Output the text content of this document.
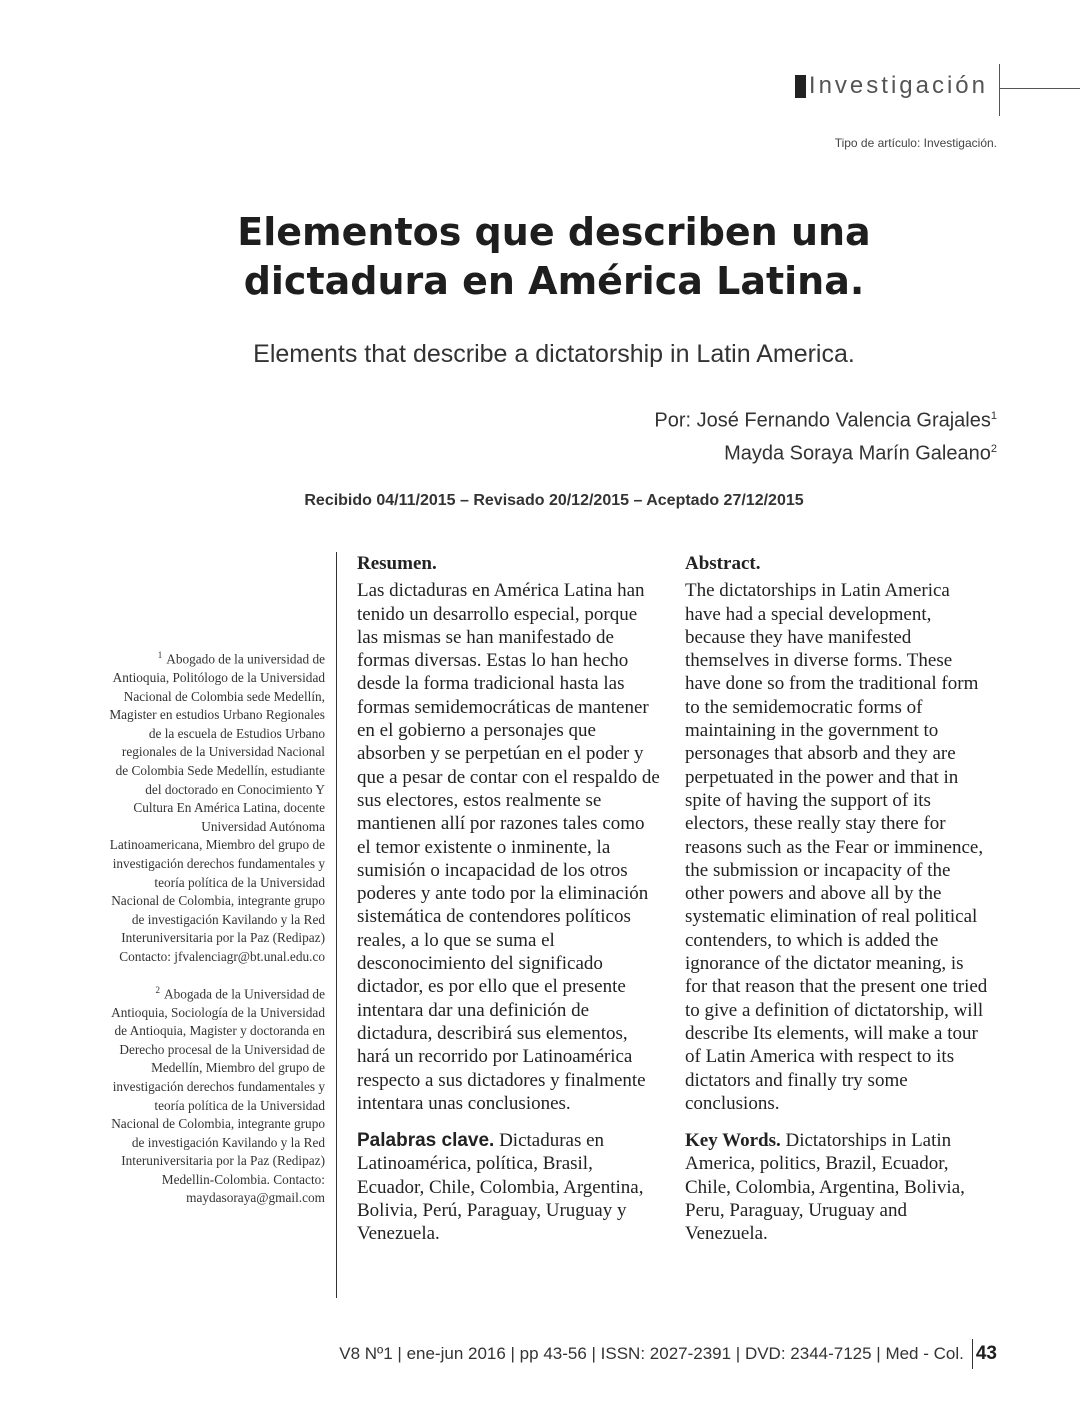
Investigación
Tipo de artículo: Investigación.
Elementos que describen una
dictadura en América Latina.
Elements that describe a dictatorship in Latin America.
Por: José Fernando Valencia Grajales$^1$
Mayda Soraya Marín Galeano$^2$
Recibido 04/11/2015 – Revisado 20/12/2015 – Aceptado 27/12/2015

$^1$ Abogado de la universidad de Antioquia, Politólogo de la Universidad Nacional de Colombia sede Medellín, Magister en estudios Urbano Regionales de la escuela de Estudios Urbano regionales de la Universidad Nacional de Colombia Sede Medellín, estudiante del doctorado en Conocimiento Y Cultura En América Latina, docente Universidad Autónoma Latinoamericana, Miembro del grupo de investigación derechos fundamentales y teoría política de la Universidad Nacional de Colombia, integrante grupo de investigación Kavilando y la Red Interuniversitaria por la Paz (Redipaz) Contacto: jfvalenciagr@bt.unal.edu.co

$^2$ Abogada de la Universidad de Antioquia, Sociología de la Universidad de Antioquia, Magister y doctoranda en Derecho procesal de la Universidad de Medellín, Miembro del grupo de investigación derechos fundamentales y teoría política de la Universidad Nacional de Colombia, integrante grupo de investigación Kavilando y la Red Interuniversitaria por la Paz (Redipaz) Medellin-Colombia. Contacto: maydasoraya@gmail.com

Resumen.

Las dictaduras en América Latina han tenido un desarrollo especial, porque las mismas se han manifestado de formas diversas. Estas lo han hecho desde la forma tradicional hasta las formas semidemocráticas de mantener en el gobierno a personajes que absorben y se perpetúan en el poder y que a pesar de contar con el respaldo de sus electores, estos realmente se mantienen allí por razones tales como el temor existente o inminente, la sumisión o incapacidad de los otros poderes y ante todo por la eliminación sistemática de contendores políticos reales, a lo que se suma el desconocimiento del significado dictador, es por ello que el presente intentara dar una definición de dictadura, describirá sus elementos, hará un recorrido por Latinoamérica respecto a sus dictadores y finalmente intentara unas conclusiones.

Palabras clave. Dictaduras en Latinoamérica, política, Brasil, Ecuador, Chile, Colombia, Argentina, Bolivia, Perú, Paraguay, Uruguay y Venezuela.

Abstract.

The dictatorships in Latin America have had a special development, because they have manifested themselves in diverse forms. These have done so from the traditional form to the semidemocratic forms of maintaining in the government to personages that absorb and they are perpetuated in the power and that in spite of having the support of its electors, these really stay there for reasons such as the Fear or imminence, the submission or incapacity of the other powers and above all by the systematic elimination of real political contenders, to which is added the ignorance of the dictator meaning, is for that reason that the present one tried to give a definition of dictatorship, will describe Its elements, will make a tour of Latin America with respect to its dictators and finally try some conclusions.

Key Words. Dictatorships in Latin America, politics, Brazil, Ecuador, Chile, Colombia, Argentina, Bolivia, Peru, Paraguay, Uruguay and Venezuela.

V8 Nº1 | ene-jun 2016 | pp 43-56 | ISSN: 2027-2391 | DVD: 2344-7125 | Med - Col. 43
